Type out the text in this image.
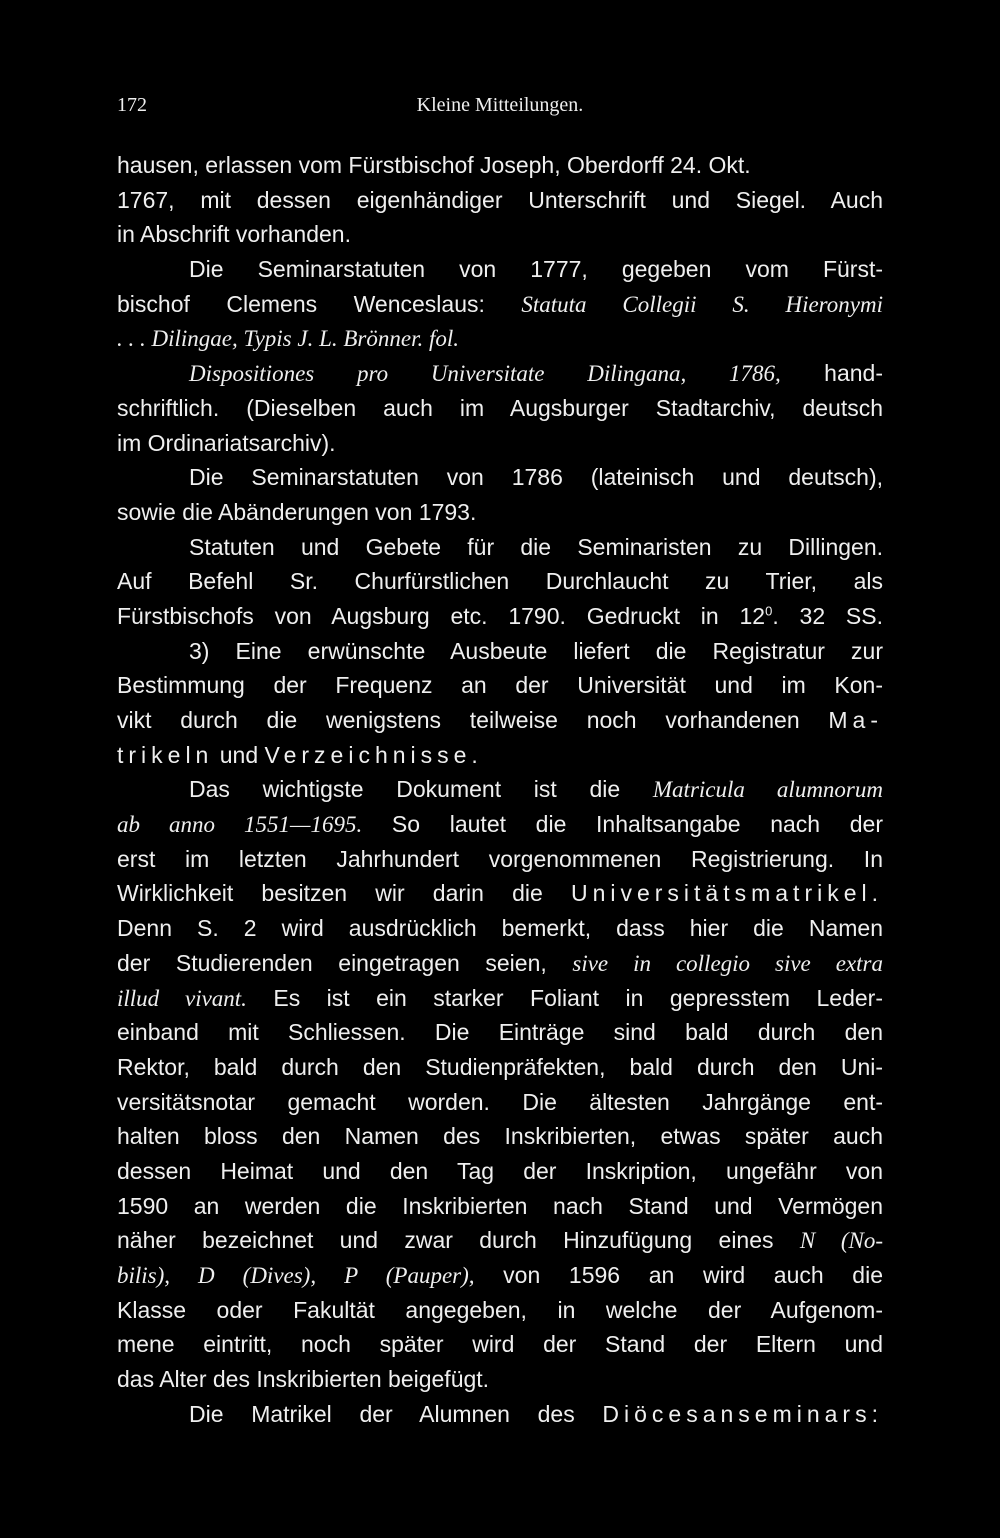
172	Kleine Mitteilungen.
hausen, erlassen vom Fürstbischof Joseph, Oberdorff 24. Okt.
1767, mit dessen eigenhändiger Unterschrift und Siegel. Auch
in Abschrift vorhanden.
Die Seminarstatuten von 1777, gegeben vom Fürst-
bischof Clemens Wenceslaus: Statuta Collegii S. Hieronymi
. . . Dilingae, Typis J. L. Brönner. fol.
Dispositiones pro Universitate Dilingana, 1786, hand-
schriftlich. (Dieselben auch im Augsburger Stadtarchiv, deutsch
im Ordinariatsarchiv).
Die Seminarstatuten von 1786 (lateinisch und deutsch),
sowie die Abänderungen von 1793.
Statuten und Gebete für die Seminaristen zu Dillingen.
Auf Befehl Sr. Churfürstlichen Durchlaucht zu Trier, als
Fürstbischofs von Augsburg etc. 1790. Gedruckt in $12^0$. 32 SS.
3) Eine erwünschte Ausbeute liefert die Registratur zur
Bestimmung der Frequenz an der Universität und im Kon-
vikt durch die wenigstens teilweise noch vorhandenen Ma-
trikeln und Verzeichnisse.
Das wichtigste Dokument ist die Matricula alumnorum
ab anno 1551—1695. So lautet die Inhaltsangabe nach der
erst im letzten Jahrhundert vorgenommenen Registrierung. In
Wirklichkeit besitzen wir darin die Universitätsmatrikel.
Denn S. 2 wird ausdrücklich bemerkt, dass hier die Namen
der Studierenden eingetragen seien, sive in collegio sive extra
illud vivant. Es ist ein starker Foliant in gepresstem Leder-
einband mit Schliessen. Die Einträge sind bald durch den
Rektor, bald durch den Studienpräfekten, bald durch den Uni-
versitätsnotar gemacht worden. Die ältesten Jahrgänge ent-
halten bloss den Namen des Inskribierten, etwas später auch
dessen Heimat und den Tag der Inskription, ungefähr von
1590 an werden die Inskribierten nach Stand und Vermögen
näher bezeichnet und zwar durch Hinzufügung eines N (No-
bilis), D (Dives), P (Pauper), von 1596 an wird auch die
Klasse oder Fakultät angegeben, in welche der Aufgenom-
mene eintritt, noch später wird der Stand der Eltern und
das Alter des Inskribierten beigefügt.
Die Matrikel der Alumnen des Diöcesanseminars:
